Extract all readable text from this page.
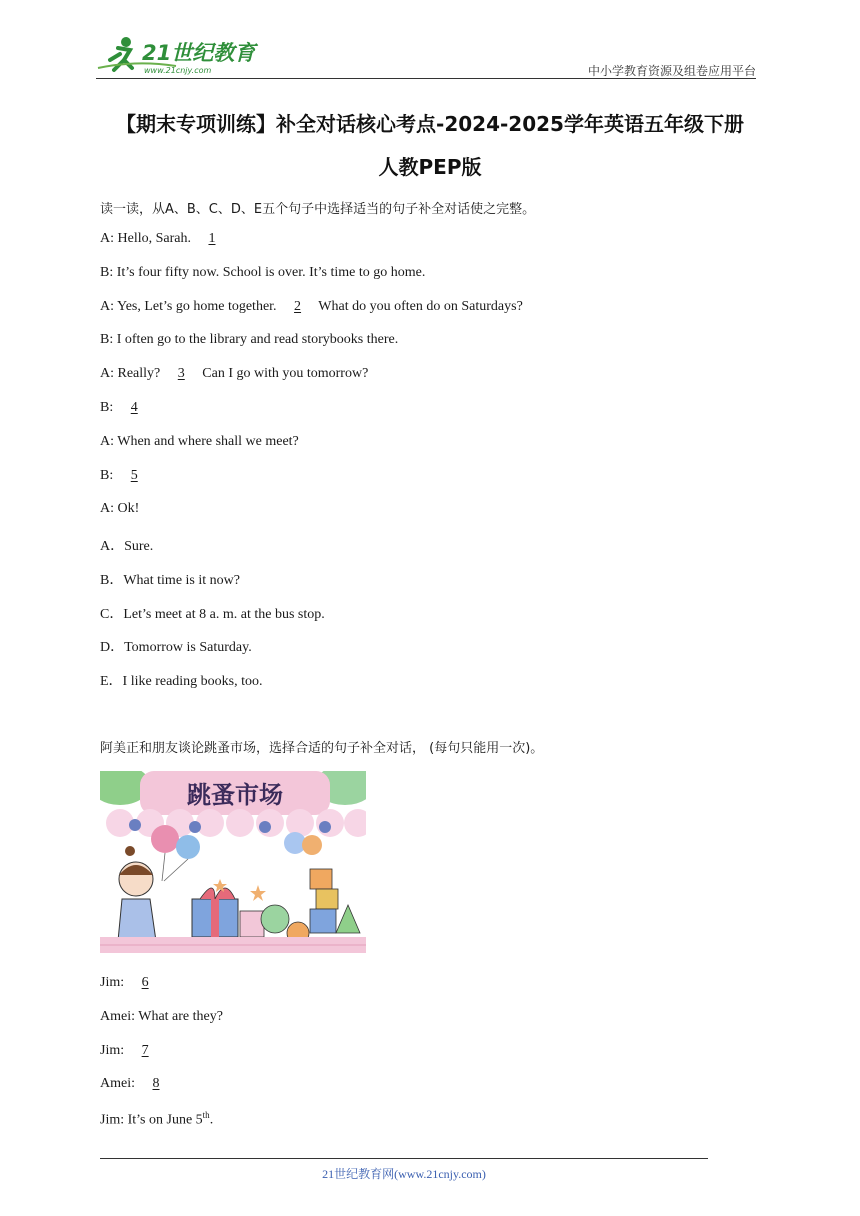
21世纪教育
www.21cnjy.com	中小学教育资源及组卷应用平台
【期末专项训练】补全对话核心考点-2024-2025学年英语五年级下册
人教PEP版
读一读，从A、B、C、D、E五个句子中选择适当的句子补全对话使之完整。
A: Hello, Sarah. 1
B: It’s four fifty now. School is over. It’s time to go home.
A: Yes, Let’s go home together. 2 What do you often do on Saturdays?
B: I often go to the library and read storybooks there.
A: Really? 3 Can I go with you tomorrow?
B: 4
A: When and where shall we meet?
B: 5
A: Ok!
A．Sure.
B．What time is it now?
C．Let’s meet at 8 a. m. at the bus stop.
D．Tomorrow is Saturday.
E．I like reading books, too.
阿美正和朋友谈论跳蚤市场，选择合适的句子补全对话， (每句只能用一次)。
跳蚤市场
Jim: 6
Amei: What are they?
Jim: 7
Amei: 8
Jim: It’s on June 5th.
21世纪教育网(www.21cnjy.com)
